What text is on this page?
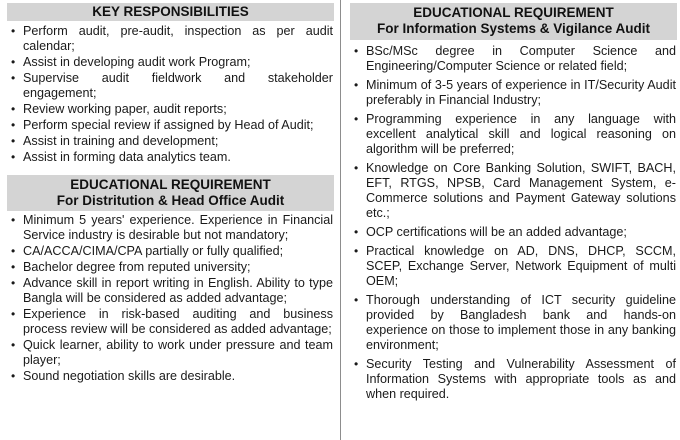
KEY RESPONSIBILITIES
• Perform audit, pre-audit, inspection as per audit calendar;
• Assist in developing audit work Program;
• Supervise audit fieldwork and stakeholder engagement;
• Review working paper, audit reports;
• Perform special review if assigned by Head of Audit;
• Assist in training and development;
• Assist in forming data analytics team.
EDUCATIONAL REQUIREMENT
For Distritution & Head Office Audit
• Minimum 5 years' experience. Experience in Financial Service industry is desirable but not mandatory;
• CA/ACCA/CIMA/CPA partially or fully qualified;
• Bachelor degree from reputed university;
• Advance skill in report writing in English. Ability to type Bangla will be considered as added advantage;
• Experience in risk-based auditing and business process review will be considered as added advantage;
• Quick learner, ability to work under pressure and team player;
• Sound negotiation skills are desirable.
EDUCATIONAL REQUIREMENT
For Information Systems & Vigilance Audit
• BSc/MSc degree in Computer Science and Engineering/Computer Science or related field;
• Minimum of 3-5 years of experience in IT/Security Audit preferably in Financial Industry;
• Programming experience in any language with excellent analytical skill and logical reasoning on algorithm will be preferred;
• Knowledge on Core Banking Solution, SWIFT, BACH, EFT, RTGS, NPSB, Card Management System, e-Commerce solutions and Payment Gateway solutions etc.;
• OCP certifications will be an added advantage;
• Practical knowledge on AD, DNS, DHCP, SCCM, SCEP, Exchange Server, Network Equipment of multi OEM;
• Thorough understanding of ICT security guideline provided by Bangladesh bank and hands-on experience on those to implement those in any banking environment;
• Security Testing and Vulnerability Assessment of Information Systems with appropriate tools as and when required.
